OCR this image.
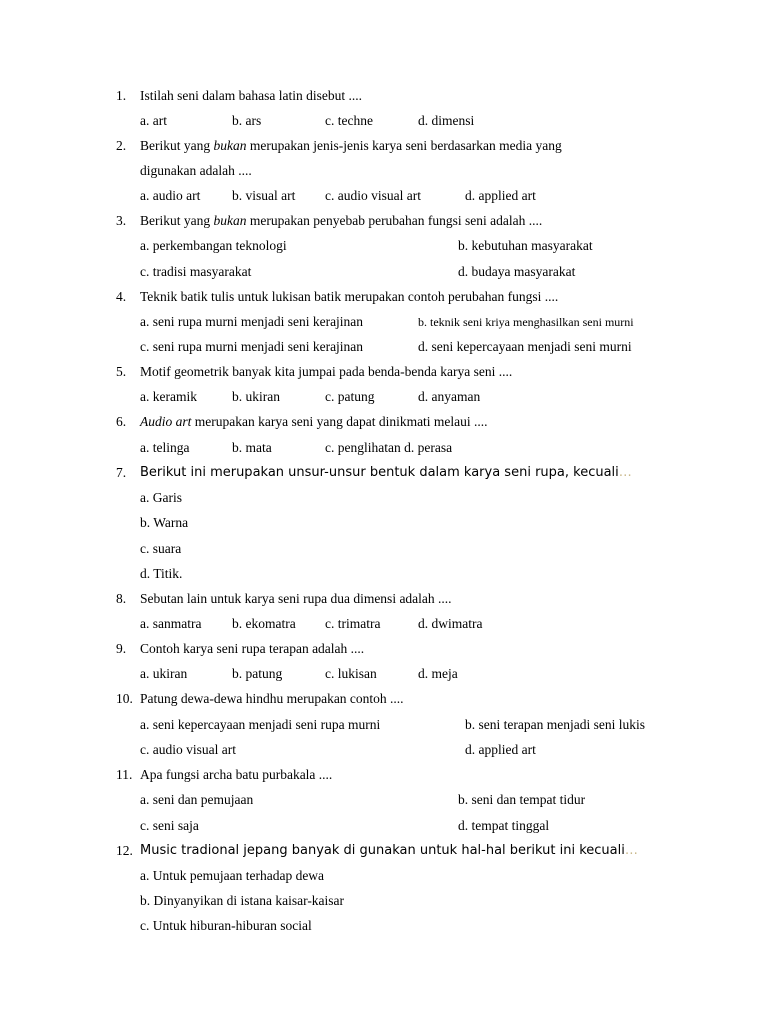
1. Istilah seni dalam bahasa latin disebut ....
a. art	b. ars	c. techne	d. dimensi
2. Berikut yang bukan merupakan jenis-jenis karya seni berdasarkan media yang
digunakan adalah ....
a. audio art b. visual art c. audio visual art	d. applied art
3. Berikut yang bukan merupakan penyebab perubahan fungsi seni adalah ....
a. perkembangan teknologi	b. kebutuhan masyarakat
c. tradisi masyarakat	d. budaya masyarakat
4. Teknik batik tulis untuk lukisan batik merupakan contoh perubahan fungsi ....
a. seni rupa murni menjadi seni kerajinan	b. teknik seni kriya menghasilkan seni murni
c. seni rupa murni menjadi seni kerajinan	d. seni kepercayaan menjadi seni murni
5. Motif geometrik banyak kita jumpai pada benda-benda karya seni ....
a. keramik	b. ukiran	c. patung	d. anyaman
6. Audio art merupakan karya seni yang dapat dinikmati melaui ....
a. telinga	b. mata	c. penglihatan d. perasa
7. Berikut ini merupakan unsur-unsur bentuk dalam karya seni rupa, kecuali…
a. Garis
b. Warna
c. suara
d. Titik.
8. Sebutan lain untuk karya seni rupa dua dimensi adalah ....
a. sanmatra b. ekomatra c. trimatra	d. dwimatra
9. Contoh karya seni rupa terapan adalah ....
a. ukiran	b. patung	c. lukisan	d. meja
10. Patung dewa-dewa hindhu merupakan contoh ....
a. seni kepercayaan menjadi seni rupa murni	b. seni terapan menjadi seni lukis
c. audio visual art	d. applied art
11. Apa fungsi archa batu purbakala ....
a. seni dan pemujaan	b. seni dan tempat tidur
c. seni saja	d. tempat tinggal
12. Music tradional jepang banyak di gunakan untuk hal-hal berikut ini kecuali…
a. Untuk pemujaan terhadap dewa
b. Dinyanyikan di istana kaisar-kaisar
c. Untuk hiburan-hiburan social
